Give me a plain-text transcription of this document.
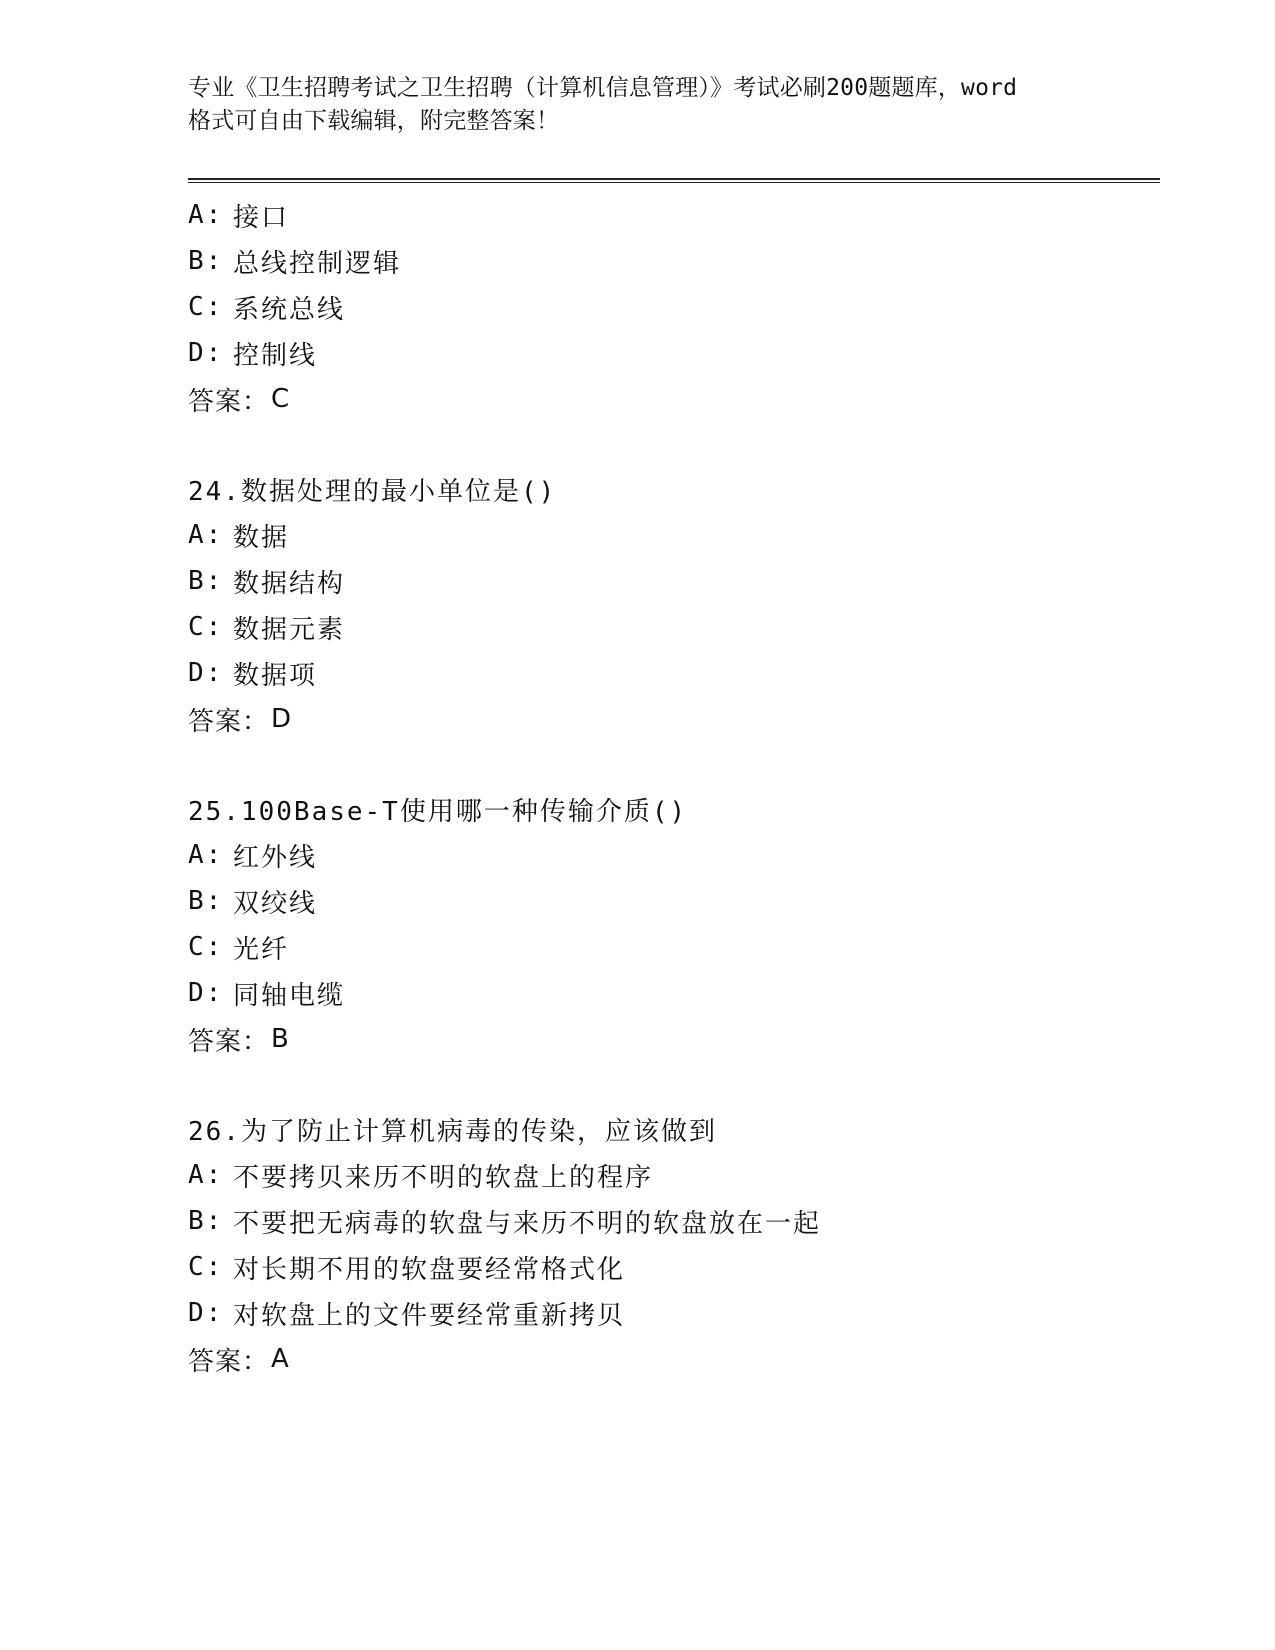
专业《卫生招聘考试之卫生招聘（计算机信息管理）》考试必刷200题题库，word
格式可自由下载编辑，附完整答案！
A: 接口
B: 总线控制逻辑
C: 系统总线
D: 控制线
答案： C
24.数据处理的最小单位是()
A: 数据
B: 数据结构
C: 数据元素
D: 数据项
答案： D
25.100Base-T使用哪一种传输介质()
A: 红外线
B: 双绞线
C: 光纤
D: 同轴电缆
答案： B
26.为了防止计算机病毒的传染，应该做到
A: 不要拷贝来历不明的软盘上的程序
B: 不要把无病毒的软盘与来历不明的软盘放在一起
C: 对长期不用的软盘要经常格式化
D: 对软盘上的文件要经常重新拷贝
答案： A
